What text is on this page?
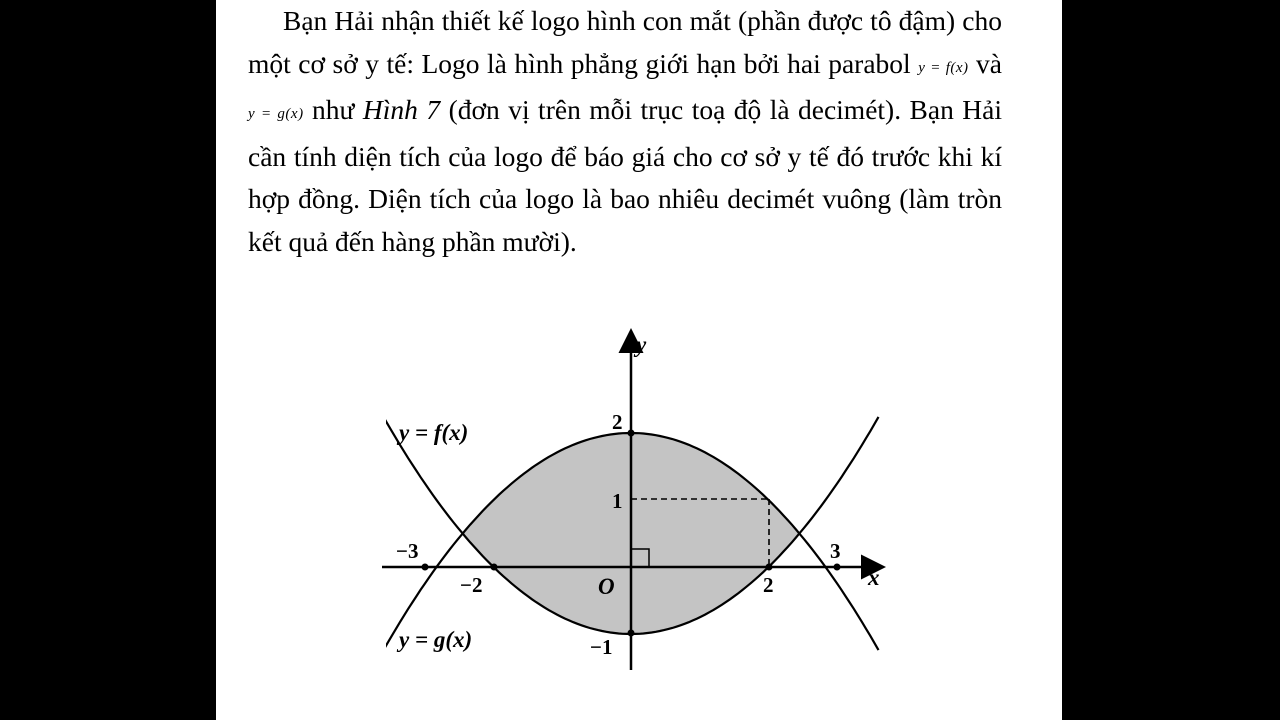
Bạn Hải nhận thiết kế logo hình con mắt (phần được tô đậm) cho một cơ sở y tế: Logo là hình phẳng giới hạn bởi hai parabol y = f(x) và y = g(x) như Hình 7 (đơn vị trên mỗi trục toạ độ là decimét). Bạn Hải cần tính diện tích của logo để báo giá cho cơ sở y tế đó trước khi kí hợp đồng. Diện tích của logo là bao nhiêu decimét vuông (làm tròn kết quả đến hàng phần mười).
y
x
O
y = f(x)
y = g(x)
2
1
−1
−3
−2	2
3
